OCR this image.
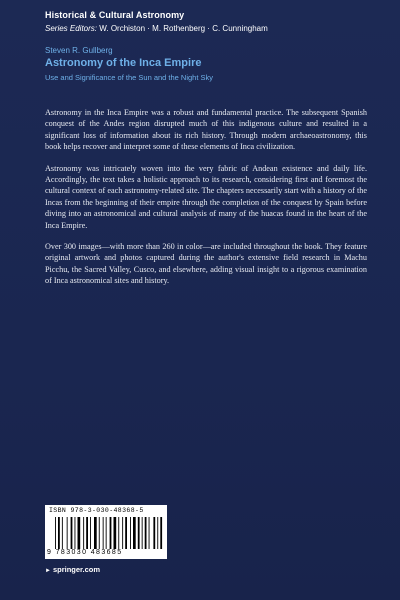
Historical & Cultural Astronomy
Series Editors: W. Orchiston · M. Rothenberg · C. Cunningham
Steven R. Gullberg
Astronomy of the Inca Empire
Use and Significance of the Sun and the Night Sky

Astronomy in the Inca Empire was a robust and fundamental practice. The subsequent Spanish conquest of the Andes region disrupted much of this indigenous culture and resulted in a significant loss of information about its rich history. Through modern archaeoastronomy, this book helps recover and interpret some of these elements of Inca civilization.

Astronomy was intricately woven into the very fabric of Andean existence and daily life. Accordingly, the text takes a holistic approach to its research, considering first and foremost the cultural context of each astronomy-related site. The chapters necessarily start with a history of the Incas from the beginning of their empire through the completion of the conquest by Spain before diving into an astronomical and cultural analysis of many of the huacas found in the heart of the Inca Empire.

Over 300 images—with more than 260 in color—are included throughout the book. They feature original artwork and photos captured during the author's extensive field research in Machu Picchu, the Sacred Valley, Cusco, and elsewhere, adding visual insight to a rigorous examination of Inca astronomical sites and history.

ISBN 978-3-030-48368-5
9 783030 483685
► springer.com
